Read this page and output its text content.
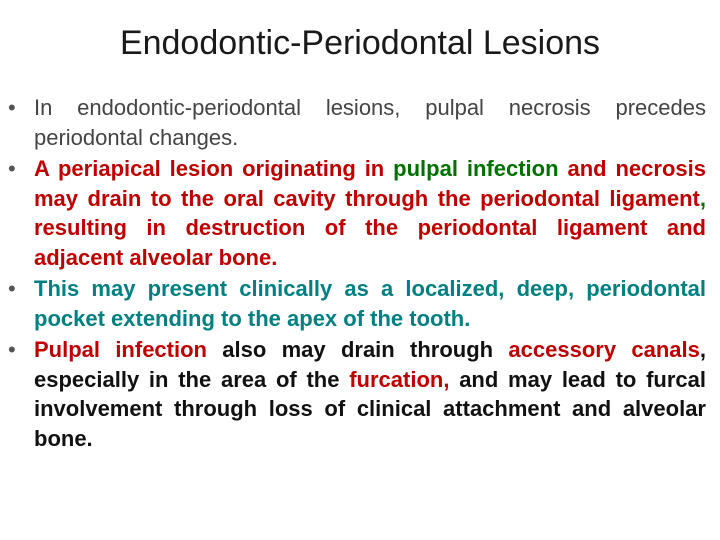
Endodontic-Periodontal Lesions
• In endodontic-periodontal lesions, pulpal necrosis precedes periodontal changes.
• A periapical lesion originating in pulpal infection and necrosis may drain to the oral cavity through the periodontal ligament, resulting in destruction of the periodontal ligament and adjacent alveolar bone.
• This may present clinically as a localized, deep, periodontal pocket extending to the apex of the tooth.
• Pulpal infection also may drain through accessory canals, especially in the area of the furcation, and may lead to furcal involvement through loss of clinical attachment and alveolar bone.
